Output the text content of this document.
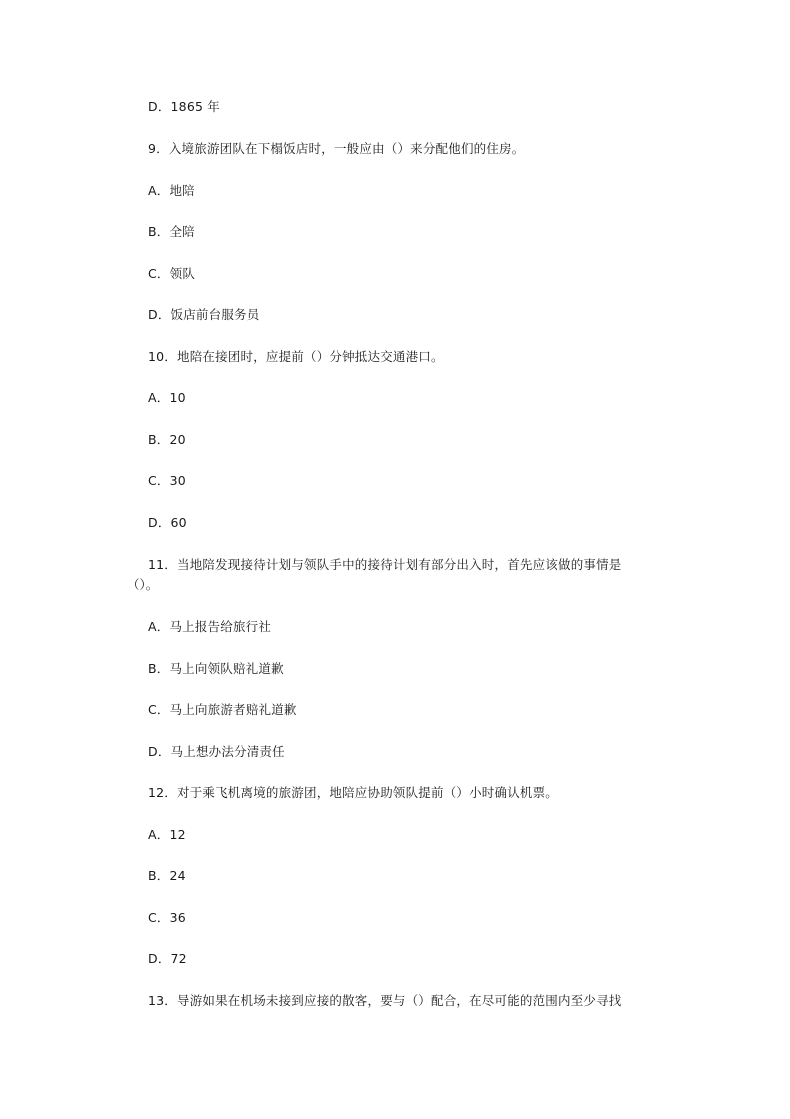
D．1865 年
9．入境旅游团队在下榻饭店时，一般应由（）来分配他们的住房。
A．地陪
B．全陪
C．领队
D．饭店前台服务员
10．地陪在接团时，应提前（）分钟抵达交通港口。
A．10
B．20
C．30
D．60
11．当地陪发现接待计划与领队手中的接待计划有部分出入时，首先应该做的事情是
（）。
A．马上报告给旅行社
B．马上向领队赔礼道歉
C．马上向旅游者赔礼道歉
D．马上想办法分清责任
12．对于乘飞机离境的旅游团，地陪应协助领队提前（）小时确认机票。
A．12
B．24
C．36
D．72
13．导游如果在机场未接到应接的散客，要与（）配合，在尽可能的范围内至少寻找
